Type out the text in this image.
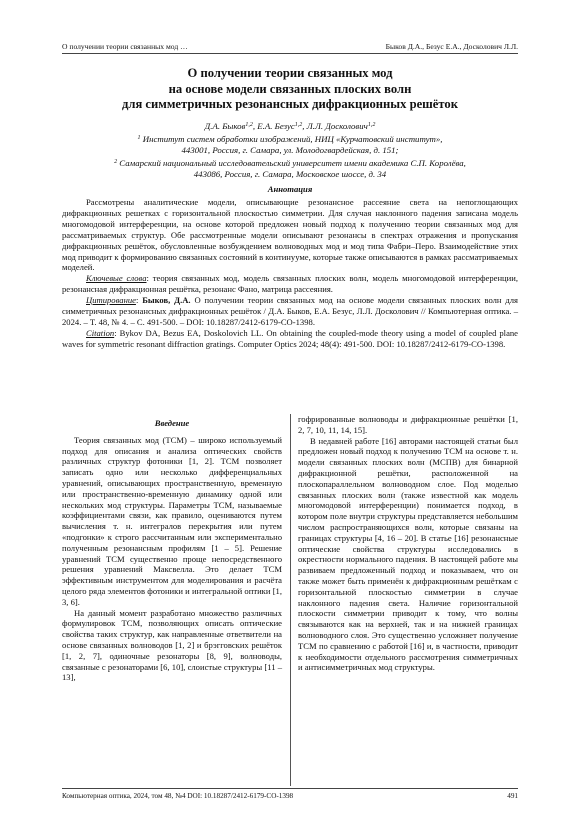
О получении теории связанных мод …	Быков Д.А., Безус Е.А., Досколович Л.Л.
О получении теории связанных мод
на основе модели связанных плоских волн
для симметричных резонансных дифракционных решёток
Д.А. Быков$^{1,2}$, Е.А. Безус$^{1,2}$, Л.Л. Досколович$^{1,2}$
$^1$ Институт систем обработки изображений, НИЦ «Курчатовский институт»,
443001, Россия, г. Самара, ул. Молодогвардейская, д. 151;
$^2$ Самарский национальный исследовательский университет имени академика С.П. Королёва,
443086, Россия, г. Самара, Московское шоссе, д. 34
Аннотация

Рассмотрены аналитические модели, описывающие резонансное рассеяние света на непоглощающих дифракционных решетках с горизонтальной плоскостью симметрии. Для случая наклонного падения записана модель многомодовой интерференции, на основе которой предложен новый подход к получению теории связанных мод для рассматриваемых структур. Обе рассмотренные модели описывают резонансы в спектрах отражения и пропускания дифракционных решёток, обусловленные возбуждением волноводных мод и мод типа Фабри–Перо. Взаимодействие этих мод приводит к формированию связанных состояний в континууме, которые также описываются в рамках рассматриваемых моделей.

Ключевые слова: теория связанных мод, модель связанных плоских волн, модель многомодовой интерференции, резонансная дифракционная решётка, резонанс Фано, матрица рассеяния.

Цитирование: Быков, Д.А. О получении теории связанных мод на основе модели связанных плоских волн для симметричных резонансных дифракционных решёток / Д.А. Быков, Е.А. Безус, Л.Л. Досколович // Компьютерная оптика. – 2024. – Т. 48, № 4. – С. 491-500. – DOI: 10.18287/2412-6179-CO-1398.

Citation: Bykov DA, Bezus EA, Doskolovich LL. On obtaining the coupled-mode theory using a model of coupled plane waves for symmetric resonant diffraction gratings. Computer Optics 2024; 48(4): 491-500. DOI: 10.18287/2412-6179-CO-1398.

Введение

Теория связанных мод (ТСМ) – широко используемый подход для описания и анализа оптических свойств различных структур фотоники [1, 2]. ТСМ позволяет записать одно или несколько дифференциальных уравнений, описывающих пространственную, временную или пространственно-временную динамику одной или нескольких мод структуры. Параметры ТСМ, называемые коэффициентами связи, как правило, оцениваются путем вычисления т. н. интегралов перекрытия или путем «подгонки» к строго рассчитанным или экспериментально полученным резонансным профилям [1 – 5]. Решение уравнений ТСМ существенно проще непосредственного решения уравнений Максвелла. Это делает ТСМ эффективным инструментом для моделирования и расчёта целого ряда элементов фотоники и интегральной оптики [1, 3, 6].

На данный момент разработано множество различных формулировок ТСМ, позволяющих описать оптические свойства таких структур, как направленные ответвители на основе связанных волноводов [1, 2] и брэгговских решёток [1, 2, 7], одиночные резонаторы [8, 9], волноводы, связанные с резонаторами [6, 10], слоистые структуры [11 – 13],

гофрированные волноводы и дифракционные решётки [1, 2, 7, 10, 11, 14, 15].

В недавней работе [16] авторами настоящей статьи был предложен новый подход к получению ТСМ на основе т. н. модели связанных плоских волн (МСПВ) для бинарной дифракционной решётки, расположенной на плоскопараллельном волноводном слое. Под моделью связанных плоских волн (также известной как модель многомодовой интерференции) понимается подход, в котором поле внутри структуры представляется небольшим числом распространяющихся волн, которые связаны на границах структуры [4, 16 – 20]. В статье [16] резонансные оптические свойства структуры исследовались в окрестности нормального падения. В настоящей работе мы развиваем предложенный подход и показываем, что он также может быть применён к дифракционным решёткам с горизонтальной плоскостью симметрии в случае наклонного падения света. Наличие горизонтальной плоскости симметрии приводит к тому, что волны связываются как на верхней, так и на нижней границах волноводного слоя. Это существенно усложняет получение ТСМ по сравнению с работой [16] и, в частности, приводит к необходимости отдельного рассмотрения симметричных и антисимметричных мод структуры.

Компьютерная оптика, 2024, том 48, №4 DOI: 10.18287/2412-6179-CO-1398	491
